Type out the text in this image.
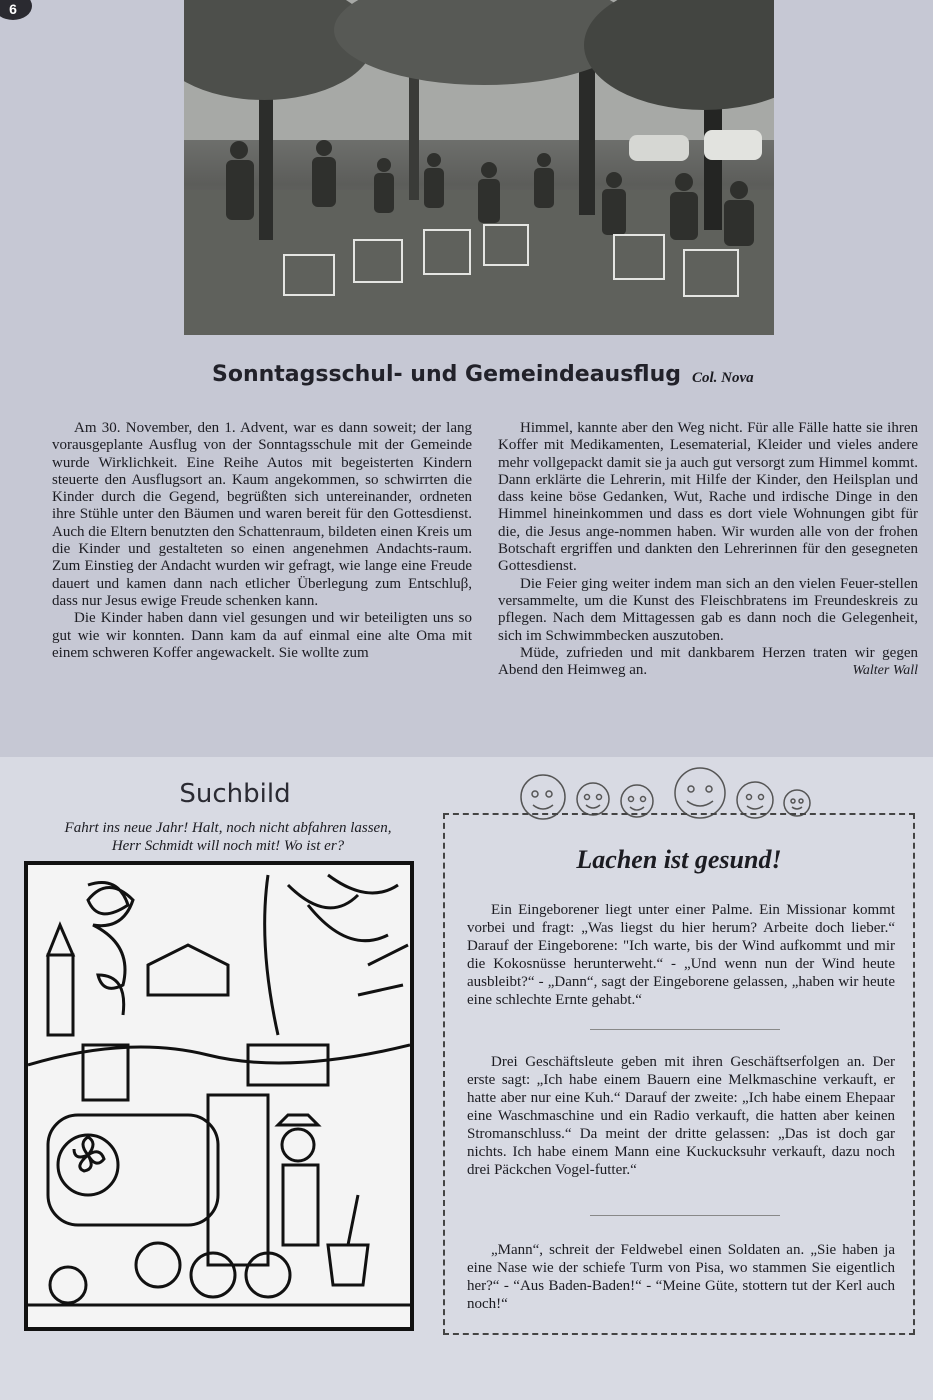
6
Sonntagsschul- und Gemeindeausflug Col. Nova

Am 30. November, den 1. Advent, war es dann soweit; der lang vorausgeplante Ausflug von der Sonntagsschule mit der Gemeinde wurde Wirklichkeit. Eine Reihe Autos mit begeisterten Kindern steuerte den Ausflugsort an. Kaum angekommen, so schwirrten die Kinder durch die Gegend, begrüßten sich untereinander, ordneten ihre Stühle unter den Bäumen und waren bereit für den Gottesdienst. Auch die Eltern benutzten den Schattenraum, bildeten einen Kreis um die Kinder und gestalteten so einen angenehmen Andachts-raum. Zum Einstieg der Andacht wurden wir gefragt, wie lange eine Freude dauert und kamen dann nach etlicher Überlegung zum Entschluβ, dass nur Jesus ewige Freude schenken kann.

Die Kinder haben dann viel gesungen und wir beteiligten uns so gut wie wir konnten. Dann kam da auf einmal eine alte Oma mit einem schweren Koffer angewackelt. Sie wollte zum

Himmel, kannte aber den Weg nicht. Für alle Fälle hatte sie ihren Koffer mit Medikamenten, Lesematerial, Kleider und vieles andere mehr vollgepackt damit sie ja auch gut versorgt zum Himmel kommt. Dann erklärte die Lehrerin, mit Hilfe der Kinder, den Heilsplan und dass keine böse Gedanken, Wut, Rache und irdische Dinge in den Himmel hineinkommen und dass es dort viele Wohnungen gibt für die, die Jesus ange-nommen haben. Wir wurden alle von der frohen Botschaft ergriffen und dankten den Lehrerinnen für den gesegneten Gottesdienst.

Die Feier ging weiter indem man sich an den vielen Feuer-stellen versammelte, um die Kunst des Fleischbratens im Freundeskreis zu pflegen. Nach dem Mittagessen gab es dann noch die Gelegenheit, sich im Schwimmbecken auszutoben.

Müde, zufrieden und mit dankbarem Herzen traten wir gegen Abend den Heimweg an.	Walter Wall

Suchbild
Fahrt ins neue Jahr! Halt, noch nicht abfahren lassen,
Herr Schmidt will noch mit! Wo ist er?	Lachen ist gesund!

Ein Eingeborener liegt unter einer Palme. Ein Missionar kommt vorbei und fragt: „Was liegst du hier herum? Arbeite doch lieber.“ Darauf der Eingeborene: "Ich warte, bis der Wind aufkommt und mir die Kokosnüsse herunterweht.“ - „Und wenn nun der Wind heute ausbleibt?“ - „Dann“, sagt der Eingeborene gelassen, „haben wir heute eine schlechte Ernte gehabt.“

Drei Geschäftsleute geben mit ihren Geschäftserfolgen an. Der erste sagt: „Ich habe einem Bauern eine Melkmaschine verkauft, er hatte aber nur eine Kuh.“ Darauf der zweite: „Ich habe einem Ehepaar eine Waschmaschine und ein Radio verkauft, die hatten aber keinen Stromanschluss.“ Da meint der dritte gelassen: „Das ist doch gar nichts. Ich habe einem Mann eine Kuckucksuhr verkauft, dazu noch drei Päckchen Vogel-futter.“

„Mann“, schreit der Feldwebel einen Soldaten an. „Sie haben ja eine Nase wie der schiefe Turm von Pisa, wo stammen Sie eigentlich her?“ - “Aus Baden-Baden!“ - “Meine Güte, stottern tut der Kerl auch noch!“
